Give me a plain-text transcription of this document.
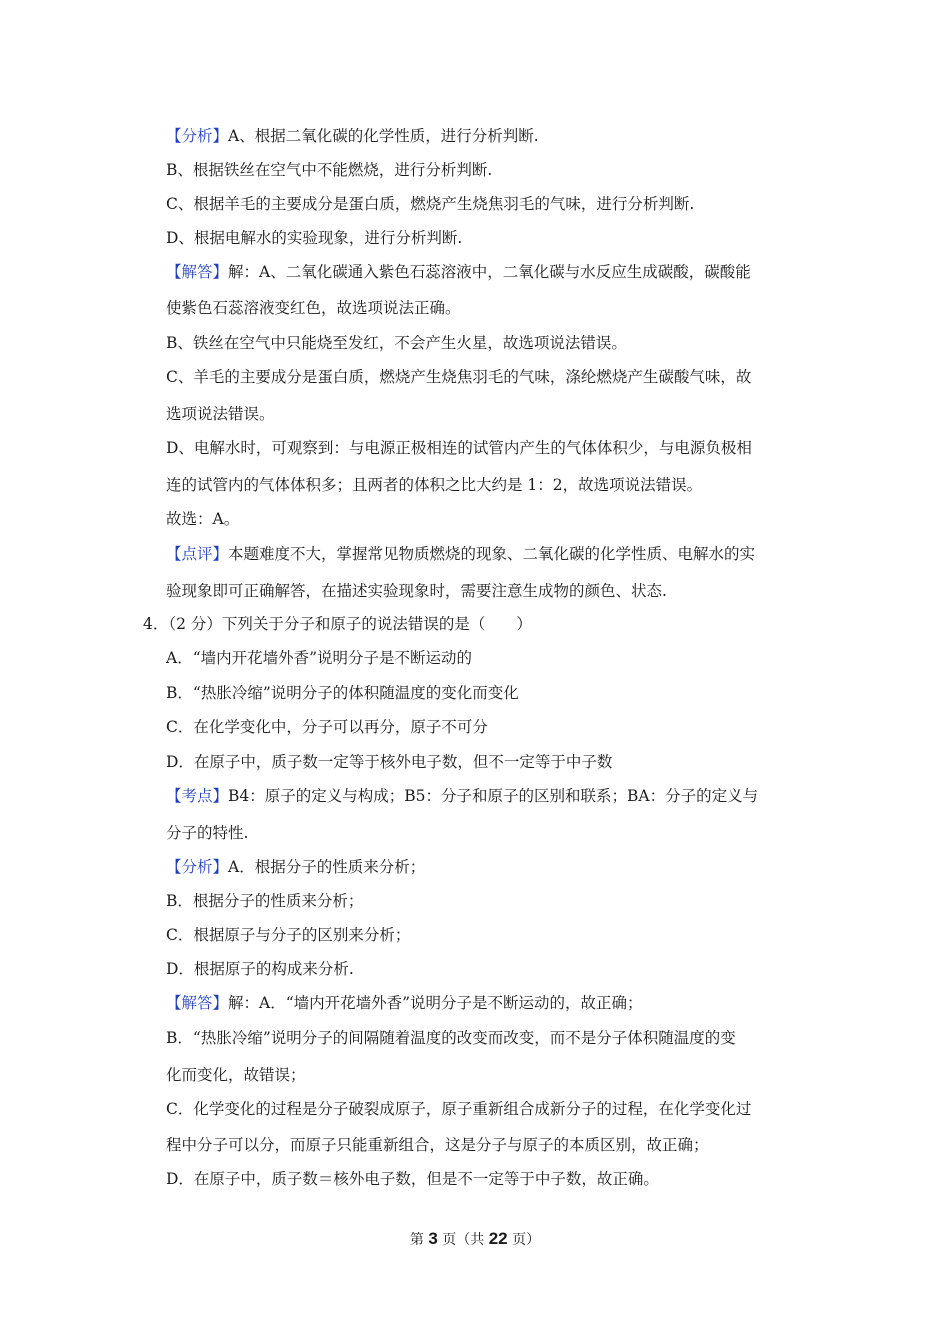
【分析】A、根据二氧化碳的化学性质，进行分析判断.
B、根据铁丝在空气中不能燃烧，进行分析判断.
C、根据羊毛的主要成分是蛋白质，燃烧产生烧焦羽毛的气味，进行分析判断.
D、根据电解水的实验现象，进行分析判断.
【解答】解：A、二氧化碳通入紫色石蕊溶液中，二氧化碳与水反应生成碳酸，碳酸能
使紫色石蕊溶液变红色，故选项说法正确。
B、铁丝在空气中只能烧至发红，不会产生火星，故选项说法错误。
C、羊毛的主要成分是蛋白质，燃烧产生烧焦羽毛的气味，涤纶燃烧产生碳酸气味，故
选项说法错误。
D、电解水时，可观察到：与电源正极相连的试管内产生的气体体积少，与电源负极相
连的试管内的气体体积多；且两者的体积之比大约是 1：2，故选项说法错误。
故选：A。
【点评】本题难度不大，掌握常见物质燃烧的现象、二氧化碳的化学性质、电解水的实
验现象即可正确解答，在描述实验现象时，需要注意生成物的颜色、状态.
4．（2 分）下列关于分子和原子的说法错误的是（　　）
A．“墙内开花墙外香”说明分子是不断运动的
B．“热胀冷缩”说明分子的体积随温度的变化而变化
C．在化学变化中，分子可以再分，原子不可分
D．在原子中，质子数一定等于核外电子数，但不一定等于中子数
【考点】B4：原子的定义与构成；B5：分子和原子的区别和联系；BA：分子的定义与
分子的特性.
【分析】A．根据分子的性质来分析；
B．根据分子的性质来分析；
C．根据原子与分子的区别来分析；
D．根据原子的构成来分析.
【解答】解：A．“墙内开花墙外香”说明分子是不断运动的，故正确；
B．“热胀冷缩”说明分子的间隔随着温度的改变而改变，而不是分子体积随温度的变
化而变化，故错误；
C．化学变化的过程是分子破裂成原子，原子重新组合成新分子的过程，在化学变化过
程中分子可以分，而原子只能重新组合，这是分子与原子的本质区别，故正确；
D．在原子中，质子数＝核外电子数，但是不一定等于中子数，故正确。
第 3 页（共 22 页）
